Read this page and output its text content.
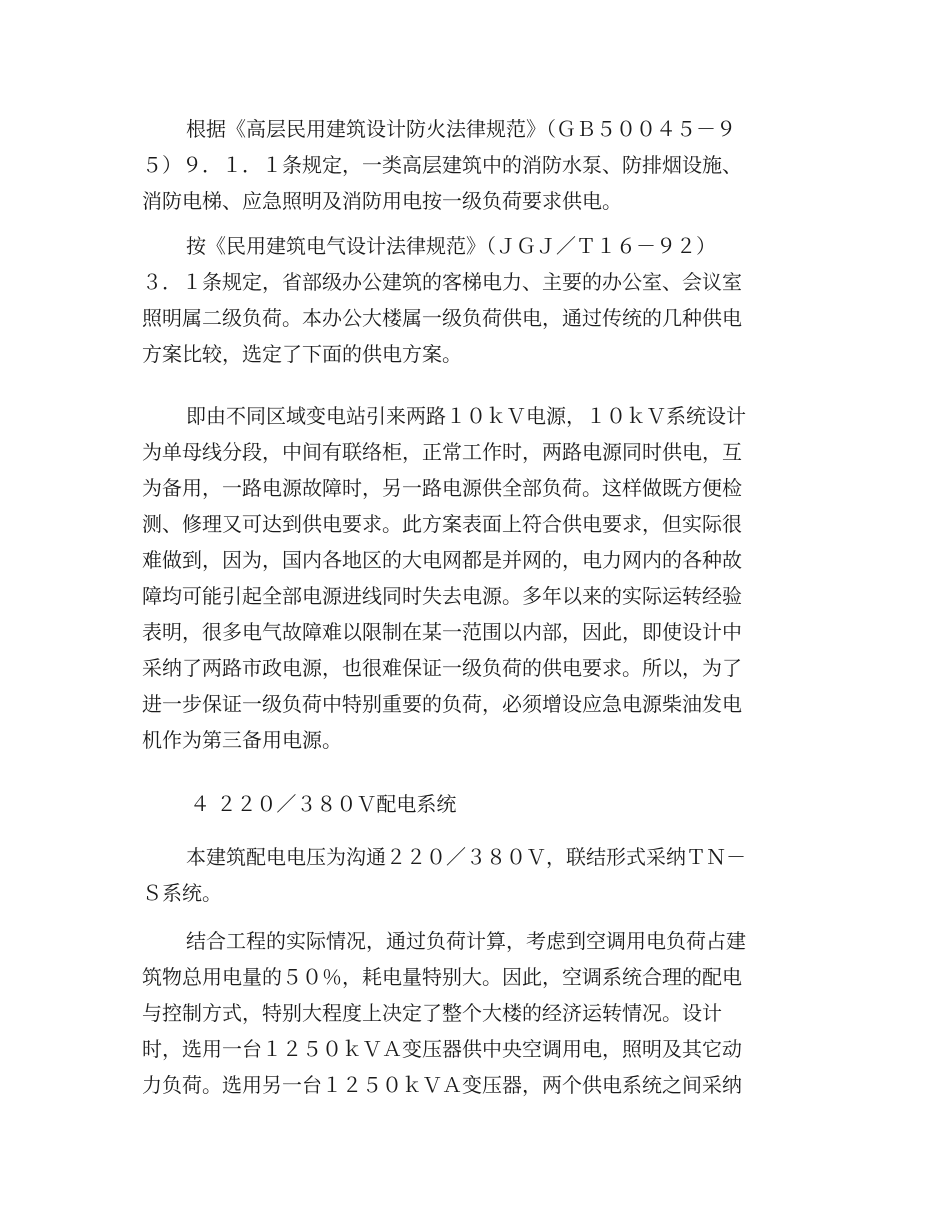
根据《高层民用建筑设计防火法律规范》（ＧＢ５００４５－９
５）９．１．１条规定，一类高层建筑中的消防水泵、防排烟设施、
消防电梯、应急照明及消防用电按一级负荷要求供电。

按《民用建筑电气设计法律规范》（ＪＧＪ／Ｔ１６－９２）
３．１条规定，省部级办公建筑的客梯电力、主要的办公室、会议室
照明属二级负荷。本办公大楼属一级负荷供电，通过传统的几种供电
方案比较，选定了下面的供电方案。

即由不同区域变电站引来两路１０ｋＶ电源，１０ｋＶ系统设计
为单母线分段，中间有联络柜，正常工作时，两路电源同时供电，互
为备用，一路电源故障时，另一路电源供全部负荷。这样做既方便检
测、修理又可达到供电要求。此方案表面上符合供电要求，但实际很
难做到，因为，国内各地区的大电网都是并网的，电力网内的各种故
障均可能引起全部电源进线同时失去电源。多年以来的实际运转经验
表明，很多电气故障难以限制在某一范围以内部，因此，即使设计中
采纳了两路市政电源，也很难保证一级负荷的供电要求。所以，为了
进一步保证一级负荷中特别重要的负荷，必须增设应急电源柴油发电
机作为第三备用电源。

４ ２２０／３８０Ｖ配电系统

本建筑配电电压为沟通２２０／３８０Ｖ，联结形式采纳ＴＮ－
Ｓ系统。

结合工程的实际情况，通过负荷计算，考虑到空调用电负荷占建
筑物总用电量的５０％，耗电量特别大。因此，空调系统合理的配电
与控制方式，特别大程度上决定了整个大楼的经济运转情况。设计
时，选用一台１２５０ｋＶＡ变压器供中央空调用电，照明及其它动
力负荷。选用另一台１２５０ｋＶＡ变压器，两个供电系统之间采纳
